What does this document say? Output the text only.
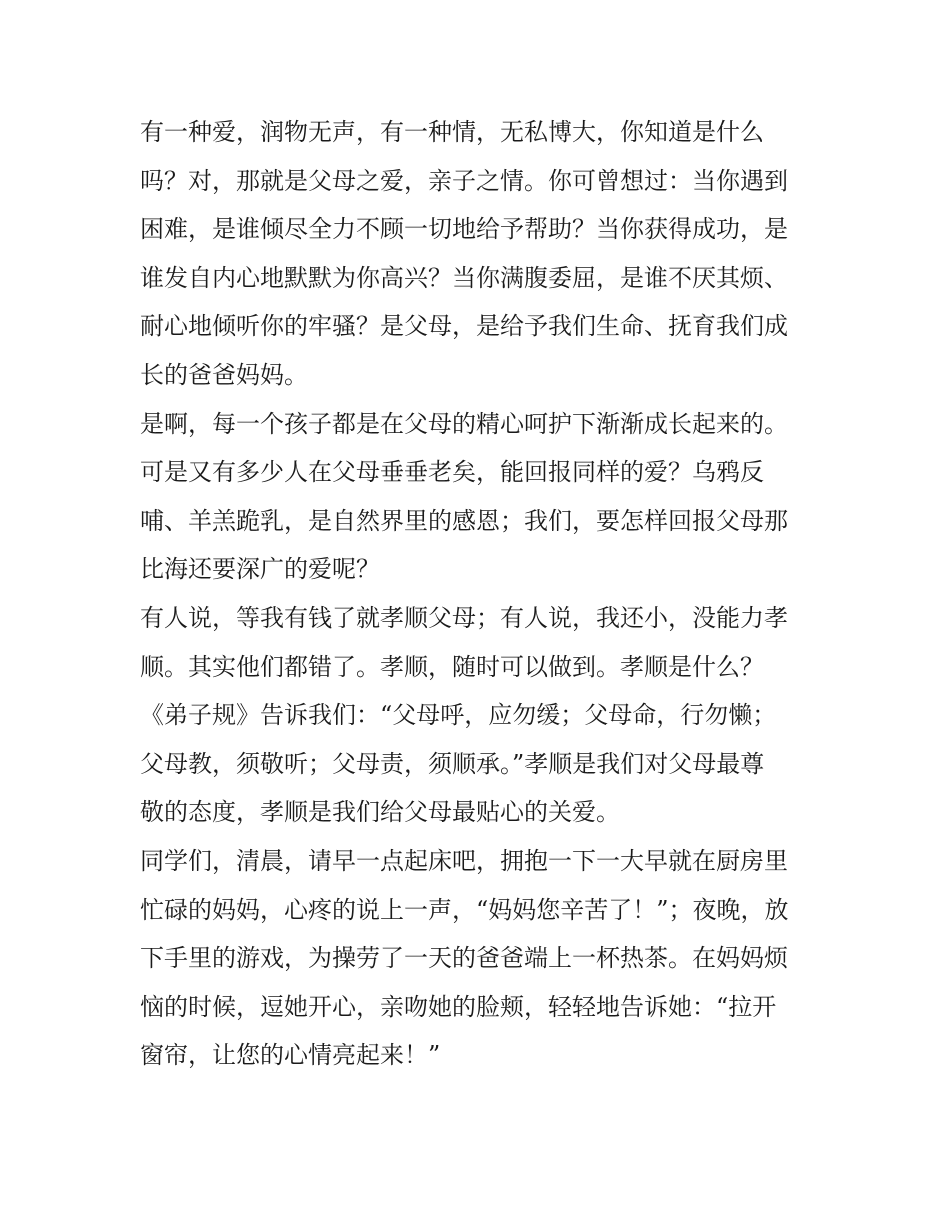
有一种爱，润物无声，有一种情，无私博大，你知道是什么
吗？对，那就是父母之爱，亲子之情。你可曾想过：当你遇到
困难，是谁倾尽全力不顾一切地给予帮助？当你获得成功，是
谁发自内心地默默为你高兴？当你满腹委屈，是谁不厌其烦、
耐心地倾听你的牢骚？是父母，是给予我们生命、抚育我们成
长的爸爸妈妈。
是啊，每一个孩子都是在父母的精心呵护下渐渐成长起来的。
可是又有多少人在父母垂垂老矣，能回报同样的爱？乌鸦反
哺、羊羔跪乳，是自然界里的感恩；我们，要怎样回报父母那
比海还要深广的爱呢？
有人说，等我有钱了就孝顺父母；有人说，我还小，没能力孝
顺。其实他们都错了。孝顺，随时可以做到。孝顺是什么？
《弟子规》告诉我们：“父母呼，应勿缓；父母命，行勿懒；
父母教，须敬听；父母责，须顺承。”孝顺是我们对父母最尊
敬的态度，孝顺是我们给父母最贴心的关爱。
同学们，清晨，请早一点起床吧，拥抱一下一大早就在厨房里
忙碌的妈妈，心疼的说上一声，“妈妈您辛苦了！”；夜晚，放
下手里的游戏，为操劳了一天的爸爸端上一杯热茶。在妈妈烦
恼的时候，逗她开心，亲吻她的脸颊，轻轻地告诉她：“拉开
窗帘，让您的心情亮起来！”
